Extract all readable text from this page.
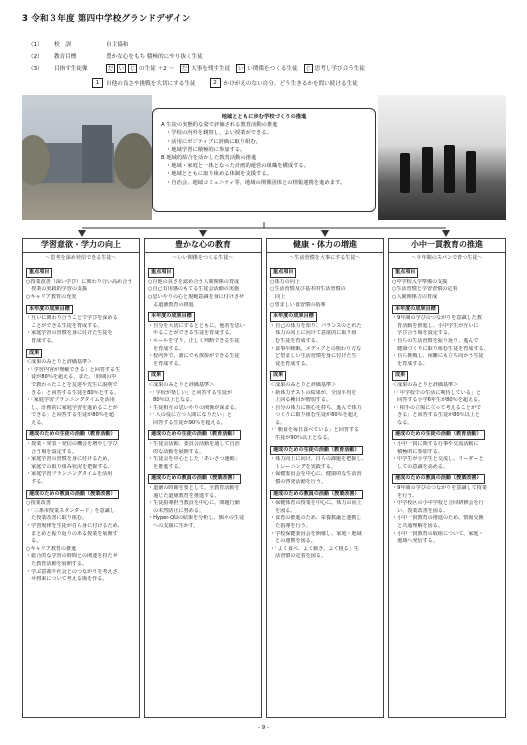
3 令和３年度 第四中学校グランドデザイン
（1）	校　訓	自主協和
（2）	教育目標	豊かな心をもち 積極的にやり抜く生徒
（3）	目指す生徒像	だ い じ の生徒 ＋2 ～	だ 大事を残す生徒	い い関係をつくる生徒	じ 思考し学び合う生徒
1	自他の良さや挑戦を大切にする生徒	2	かけがえのない自分、どう生きるかを問い続ける生徒
地域とともに歩む学校づくりの推進
A 生徒の実態的な姿で評価される教育活動の推進
・学校の内外を観察し、よい授業ができる。
・活用にポジティブに評価に取り組む。
・地域学習に積極的に参加する。
B 地域的結合を活かした教育活動の推進
・地域・家庭と一体となった計画的運営の組織を構成する。
・地域とともに取り組める体制を支援する。
・自治会、地域コミュニティ等、地域の関係団体との情報連携を進めます。
学習意欲・学力の向上
～思考を深め発信できる生徒～
重点項目
○授業改善（深い学び）に関わり合い高め合う
　授業の実践的学習の支援
○キャリア教育の充実
本年度の成果目標
・互いに関わり合うことで学びを深める
　ことができる生徒を育成する。
・家庭学習の習慣を身に付けた生徒を
　育成する。
成果
＜成果のみとりと評価基準＞
・「学習内容が理解できる」と回答する生
　徒が80％を超える。また、「時間の中
　で教わったことを友達や先生に説明で
　きる」と回答する生徒を80％とする。
・「家庭学習プランニングタイムを活用
　し、計画的に家庭学習を進めることが
　できる」と回答する生徒が80％を超
　える。
達成のための生徒の活動（教育活動）
・授業・発表・発信の機会を増やし学び
　合う場を設定する。
・家庭学習の習慣を身に付けるため、
　家庭での取り組み状況を把握する。
・家庭学習プランニングタイムを活用
　する。
達成のための教員の活動（授業改善）
○授業改善
・「三条市授業スタンダード」を意識し
　た授業改善に取り組む。
・学習規律を生徒が自ら身に付けるため、
　まとめと振り返りのある授業を展開す
　る。
○キャリア教育の推進
・総合的な学習の時間との関連を持たせ
　た教育活動を展開する。
・学ぶ意義や社会とのつながりを考えさ
　せ将来について考える場を作る。
豊かな心の教育
～いい関係をつくる生徒～
重点項目
○自他の良さを認め合う人間関係の育成
○自己有用感のもてる生徒会活動の実施
○思いやりの心と規範意識を身に付けさせ
　る道徳教育の推進
本年度の成果目標
・自分を大切にするとともに、他者を思い
　やることができる生徒を育成する。
・ルールを守り、正しく判断できる生徒
　を育成する。
・校内外で、誰にでも挨拶ができる生徒
　を育成する。
成果
＜成果のみとりと評価基準＞
・「学校が楽しい」と回答する生徒が
　80％以上となる。
・生徒相互の思いやりの関係が深まる。
・「人の役に立つ人間になりたい」と
　回答する生徒が90％を超える。
達成のための生徒の活動（教育活動）
・生徒会活動、委員会活動を通して自治
　的な活動を展開する。
・生徒会を中心とした「あいさつ運動」
　を推進する。
達成のための教員の活動（授業改善）
・道徳の時間を要として、全教育活動を
　通じた道徳教育を推進する。
・生徒指導担当教員を中心に、問題行動
　の未然防止に努める。
・Hyper-QUの結果を分析し、個々の生徒
　への支援に生かす。
健康・体力の増進
～生活習慣を大事にする生徒～
重点項目
○体力の向上
○生活習慣及び基本的生活習慣の
　向上
○望ましい食習慣の指導
本年度の成果目標
・自己の体力を知り、バランスのとれた
　体力の向上に向けて意欲的に取り組
　む生徒を育成する。
・食事や睡眠、メディアとの関わり方な
　ど望ましい生活習慣を身に付けた生
　徒を育成する。
成果
＜成果のみとりと評価基準＞
・新体力テストの結果が、全国平均を
　上回る種目が増加する。
・自分の体力に関心を持ち、進んで体力
　つくりに取り組む生徒が80％を超え
　る。
・「朝食を毎日食べている」と回答する
　生徒が90％以上となる。
達成のための生徒の活動（教育活動）
・体力向上に向け、自らの課題を把握し、
　トレーニングを実践する。
・保健委員会を中心に、健康的な生活習
　慣の啓発活動を行う。
達成のための教員の活動（授業改善）
・保健体育の授業を中心に、体力の向上
　を図る。
・食育の推進のため、栄養教諭と連携し
　た指導を行う。
・学校保健委員会を開催し、家庭・地域
　との連携を図る。
・「よく食べ、よく動き、よく寝る」生
　活習慣の定着を図る。
小中一貫教育の推進
～９年間のスパンで育つ生徒～
重点項目
○中学校入学準備の支援
○生活習慣と学習習慣の定着
○人間関係力の育成
本年度の成果目標
・9年間の学びのつながりを意識した教
　育活動を推進し、小中学生が互いに
　学び合う場を設定する。
・自らの生活習慣を振り返り、進んで
　健康づくりに取り組む生徒を育成する。
・自ら挑戦し、困難にも立ち向かう生徒
　を育成する。
成果
＜成果のみとりと評価基準＞
・「中学校での生活に期待している」と
　回答する小学6年生が80％を超える。
・「相手の立場に立って考えることがで
　きる」と回答する生徒が80％以上と
　なる。
達成のための生徒の活動（教育活動）
・小中一貫に関する行事や交流活動に
　積極的に参加する。
・中学生が小学生と交流し、リーダーと
　しての意識を高める。
達成のための教員の活動（授業改善）
・9年間の学びのつながりを意識して授業
　を行う。
・中学校区の小中学校と合同研修会を行
　い、授業改善を図る。
・小中一貫教育の推進のため、情報交換
　と共通理解を図る。
・小中一貫教育の取組について、家庭・
　地域へ発信する。
- 9 -
